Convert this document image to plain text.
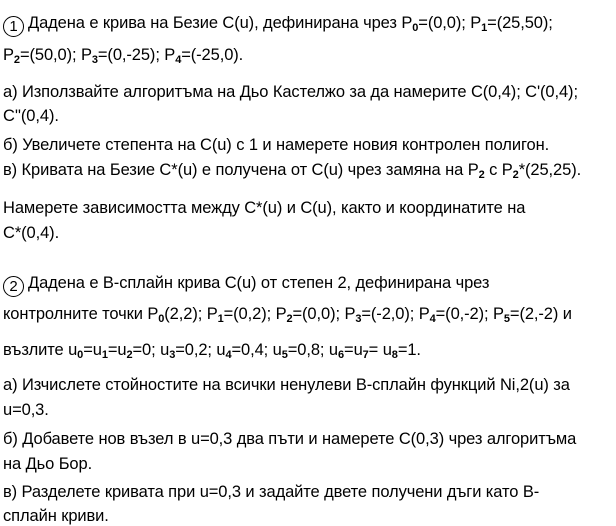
1 Дадена е крива на Безие C(u), дефинирана чрез P0=(0,0); P1=(25,50);
P2=(50,0); P3=(0,-25); P4=(-25,0).
а) Използвайте алгоритъма на Дьо Кастелжо за да намерите C(0,4); C'(0,4);
C''(0,4).
б) Увеличете степента на C(u) с 1 и намерете новия контролен полигон.
в) Кривата на Безие C*(u) е получена от C(u) чрез замяна на P2 с P2*(25,25).
Намерете зависимостта между C*(u) и C(u), както и координатите на
C*(0,4).
2 Дадена е B-сплайн крива C(u) от степен 2, дефинирана чрез
контролните точки P0(2,2); P1=(0,2); P2=(0,0); P3=(-2,0); P4=(0,-2); P5=(2,-2) и
възлите u0=u1=u2=0; u3=0,2; u4=0,4; u5=0,8; u6=u7= u8=1.
а) Изчислете стойностите на всички ненулеви B-сплайн функций Ni,2(u) за
u=0,3.
б) Добавете нов възел в u=0,3 два пъти и намерете C(0,3) чрез алгоритъма
на Дьо Бор.
в) Разделете кривата при u=0,3 и задайте двете получени дъги като B-
сплайн криви.
